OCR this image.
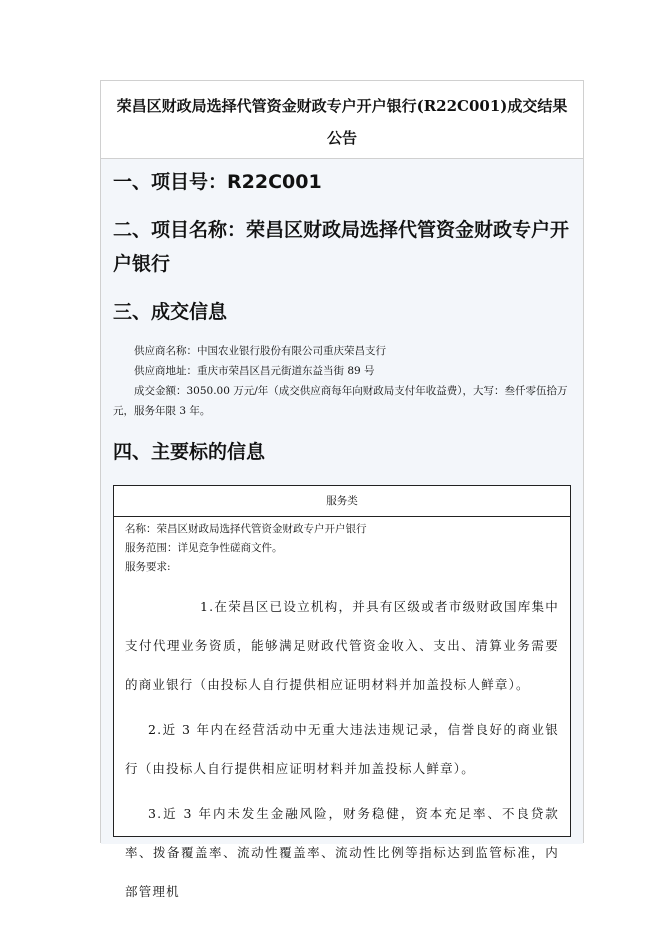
荣昌区财政局选择代管资金财政专户开户银行(R22C001)成交结果公告
一、项目号：R22C001
二、项目名称：荣昌区财政局选择代管资金财政专户开户银行
三、成交信息

供应商名称：中国农业银行股份有限公司重庆荣昌支行

供应商地址：重庆市荣昌区昌元街道东益当街 89 号

成交金额：3050.00 万元/年（成交供应商每年向财政局支付年收益费），大写：叁仟零伍拾万元，服务年限 3 年。

四、主要标的信息
服务类

名称：荣昌区财政局选择代管资金财政专户开户银行

服务范围：详见竞争性磋商文件。

服务要求:

1.在荣昌区已设立机构，并具有区级或者市级财政国库集中支付代理业务资质，能够满足财政代管资金收入、支出、清算业务需要的商业银行（由投标人自行提供相应证明材料并加盖投标人鲜章）。

2.近 3 年内在经营活动中无重大违法违规记录，信誉良好的商业银行（由投标人自行提供相应证明材料并加盖投标人鲜章）。

3.近 3 年内未发生金融风险，财务稳健，资本充足率、不良贷款率、拨备覆盖率、流动性覆盖率、流动性比例等指标达到监管标准，内部管理机
